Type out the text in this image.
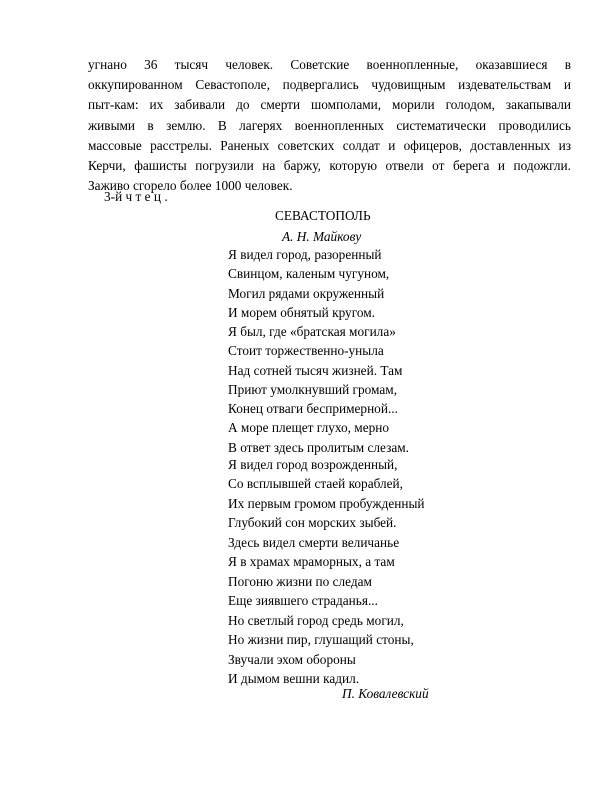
угнано 36 тысяч человек. Советские военнопленные, оказавшиеся в
оккупированном Севастополе, подвергались чудовищным издевательствам и
пыт-кам: их забивали до смерти шомполами, морили голодом, закапывали
живыми в землю. В лагерях военнопленных систематически проводились
массовые расстрелы. Раненых советских солдат и офицеров, доставленных из
Керчи, фашисты погрузили на баржу, которую отвели от берега и подожгли.
Заживо сгорело более 1000 человек.
3-й ч т е ц .
СЕВАСТОПОЛЬ
А. Н. Майкову
Я видел город, разоренный
Свинцом, каленым чугуном,
Могил рядами окруженный
И морем обнятый кругом.
Я был, где «братская могила»
Стоит торжественно-уныла
Над сотней тысяч жизней. Там
Приют умолкнувший громам,
Конец отваги беспримерной...
А море плещет глухо, мерно
В ответ здесь пролитым слезам.
Я видел город возрожденный,
Со всплывшей стаей кораблей,
Их первым громом пробужденный
Глубокий сон морских зыбей.
Здесь видел смерти величанье
Я в храмах мраморных, а там
Погоню жизни по следам
Еще зиявшего страданья...
Но светлый город средь могил,
Но жизни пир, глушащий стоны,
Звучали эхом обороны
И дымом вешни кадил.
П. Ковалевский
